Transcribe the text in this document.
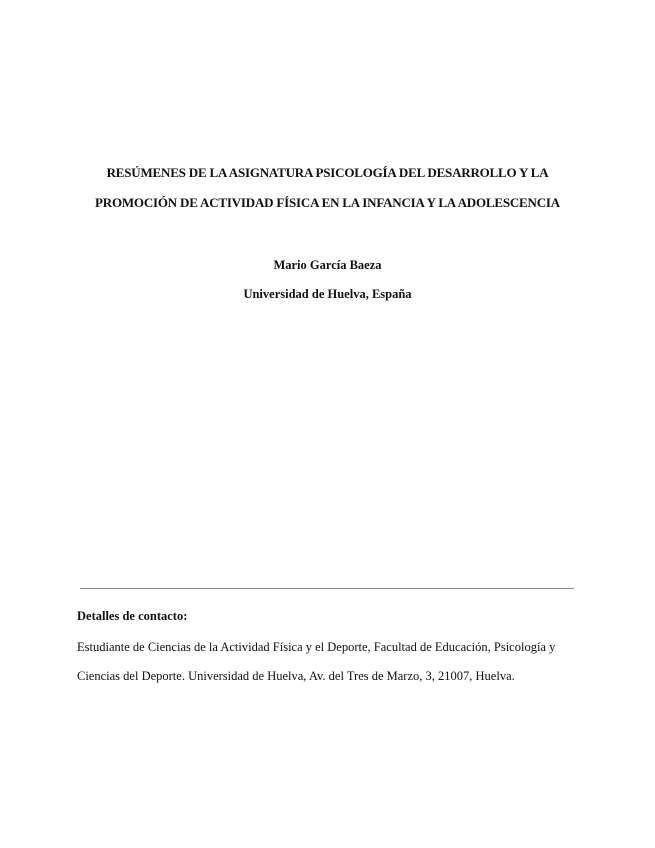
RESÚMENES DE LA ASIGNATURA PSICOLOGÍA DEL DESARROLLO Y LA
PROMOCIÓN DE ACTIVIDAD FÍSICA EN LA INFANCIA Y LA ADOLESCENCIA
Mario García Baeza
Universidad de Huelva, España

Detalles de contacto:

Estudiante de Ciencias de la Actividad Física y el Deporte, Facultad de Educación, Psicología y
Ciencias del Deporte. Universidad de Huelva, Av. del Tres de Marzo, 3, 21007, Huelva.
